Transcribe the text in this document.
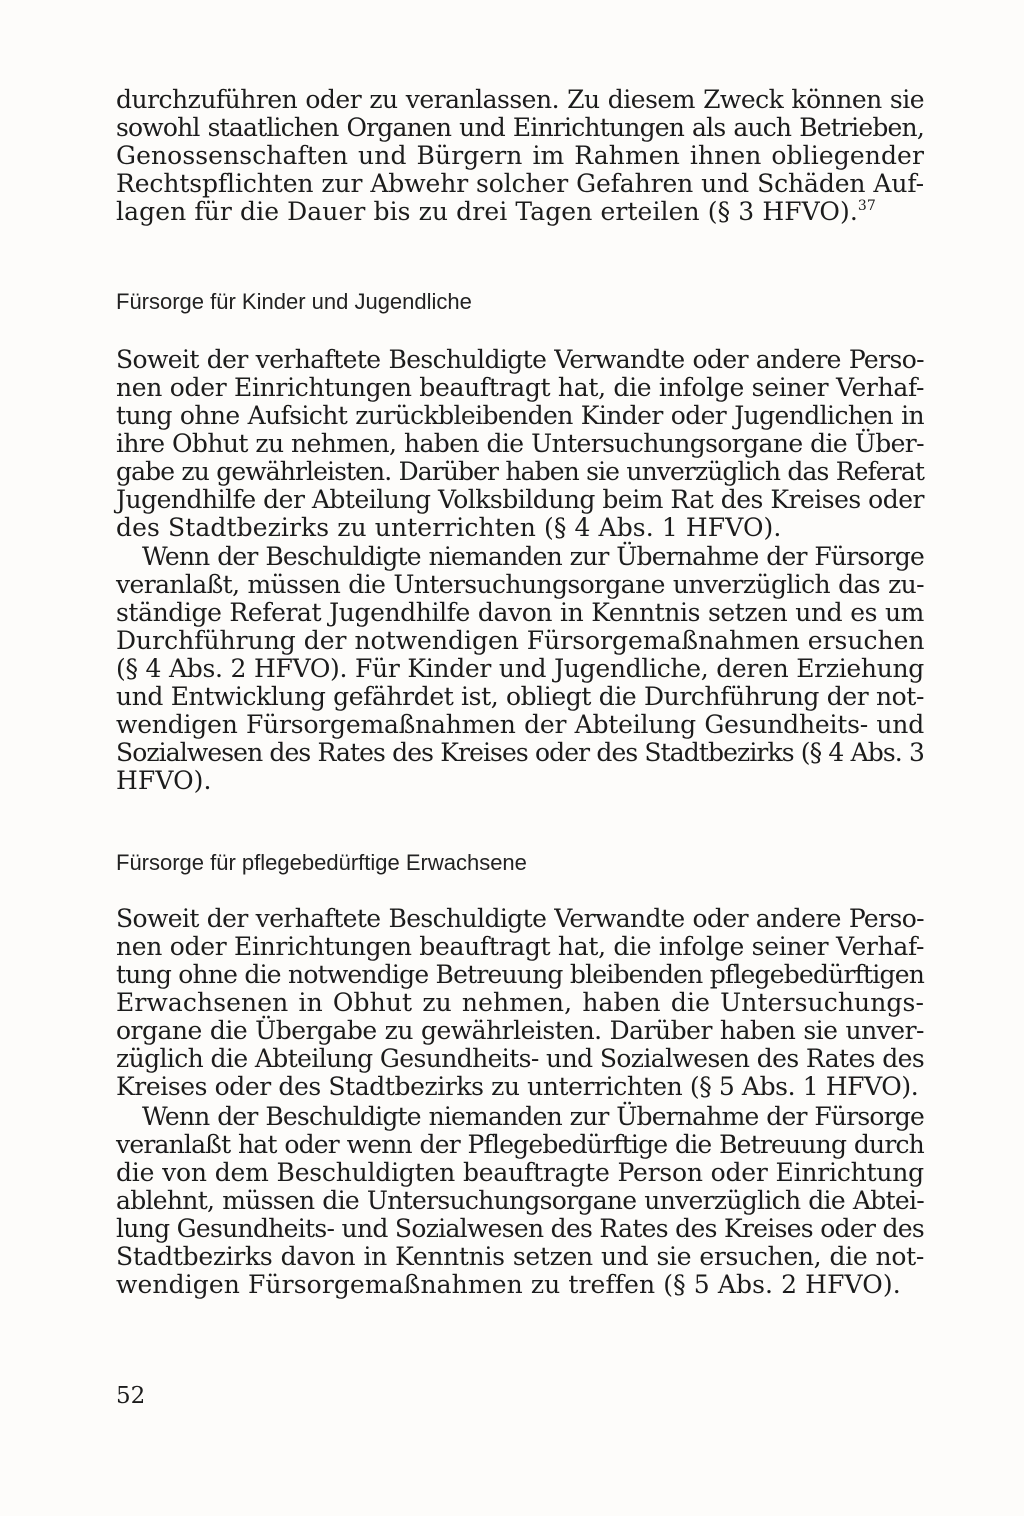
durchzuführen oder zu veranlassen. Zu diesem Zweck können sie
sowohl staatlichen Organen und Einrichtungen als auch Betrieben,
Genossenschaften und Bürgern im Rahmen ihnen obliegender
Rechtspflichten zur Abwehr solcher Gefahren und Schäden Auf-
lagen für die Dauer bis zu drei Tagen erteilen (§ 3 HFVO).$^{37}$
Fürsorge für Kinder und Jugendliche
Soweit der verhaftete Beschuldigte Verwandte oder andere Perso-
nen oder Einrichtungen beauftragt hat, die infolge seiner Verhaf-
tung ohne Aufsicht zurückbleibenden Kinder oder Jugendlichen in
ihre Obhut zu nehmen, haben die Untersuchungsorgane die Über-
gabe zu gewährleisten. Darüber haben sie unverzüglich das Referat
Jugendhilfe der Abteilung Volksbildung beim Rat des Kreises oder
des Stadtbezirks zu unterrichten (§ 4 Abs. 1 HFVO).
Wenn der Beschuldigte niemanden zur Übernahme der Fürsorge
veranlaßt, müssen die Untersuchungsorgane unverzüglich das zu-
ständige Referat Jugendhilfe davon in Kenntnis setzen und es um
Durchführung der notwendigen Fürsorgemaßnahmen ersuchen
(§ 4 Abs. 2 HFVO). Für Kinder und Jugendliche, deren Erziehung
und Entwicklung gefährdet ist, obliegt die Durchführung der not-
wendigen Fürsorgemaßnahmen der Abteilung Gesundheits- und
Sozialwesen des Rates des Kreises oder des Stadtbezirks (§ 4 Abs. 3
HFVO).
Fürsorge für pflegebedürftige Erwachsene
Soweit der verhaftete Beschuldigte Verwandte oder andere Perso-
nen oder Einrichtungen beauftragt hat, die infolge seiner Verhaf-
tung ohne die notwendige Betreuung bleibenden pflegebedürftigen
Erwachsenen in Obhut zu nehmen, haben die Untersuchungs-
organe die Übergabe zu gewährleisten. Darüber haben sie unver-
züglich die Abteilung Gesundheits- und Sozialwesen des Rates des
Kreises oder des Stadtbezirks zu unterrichten (§ 5 Abs. 1 HFVO).
Wenn der Beschuldigte niemanden zur Übernahme der Fürsorge
veranlaßt hat oder wenn der Pflegebedürftige die Betreuung durch
die von dem Beschuldigten beauftragte Person oder Einrichtung
ablehnt, müssen die Untersuchungsorgane unverzüglich die Abtei-
lung Gesundheits- und Sozialwesen des Rates des Kreises oder des
Stadtbezirks davon in Kenntnis setzen und sie ersuchen, die not-
wendigen Fürsorgemaßnahmen zu treffen (§ 5 Abs. 2 HFVO).
52
